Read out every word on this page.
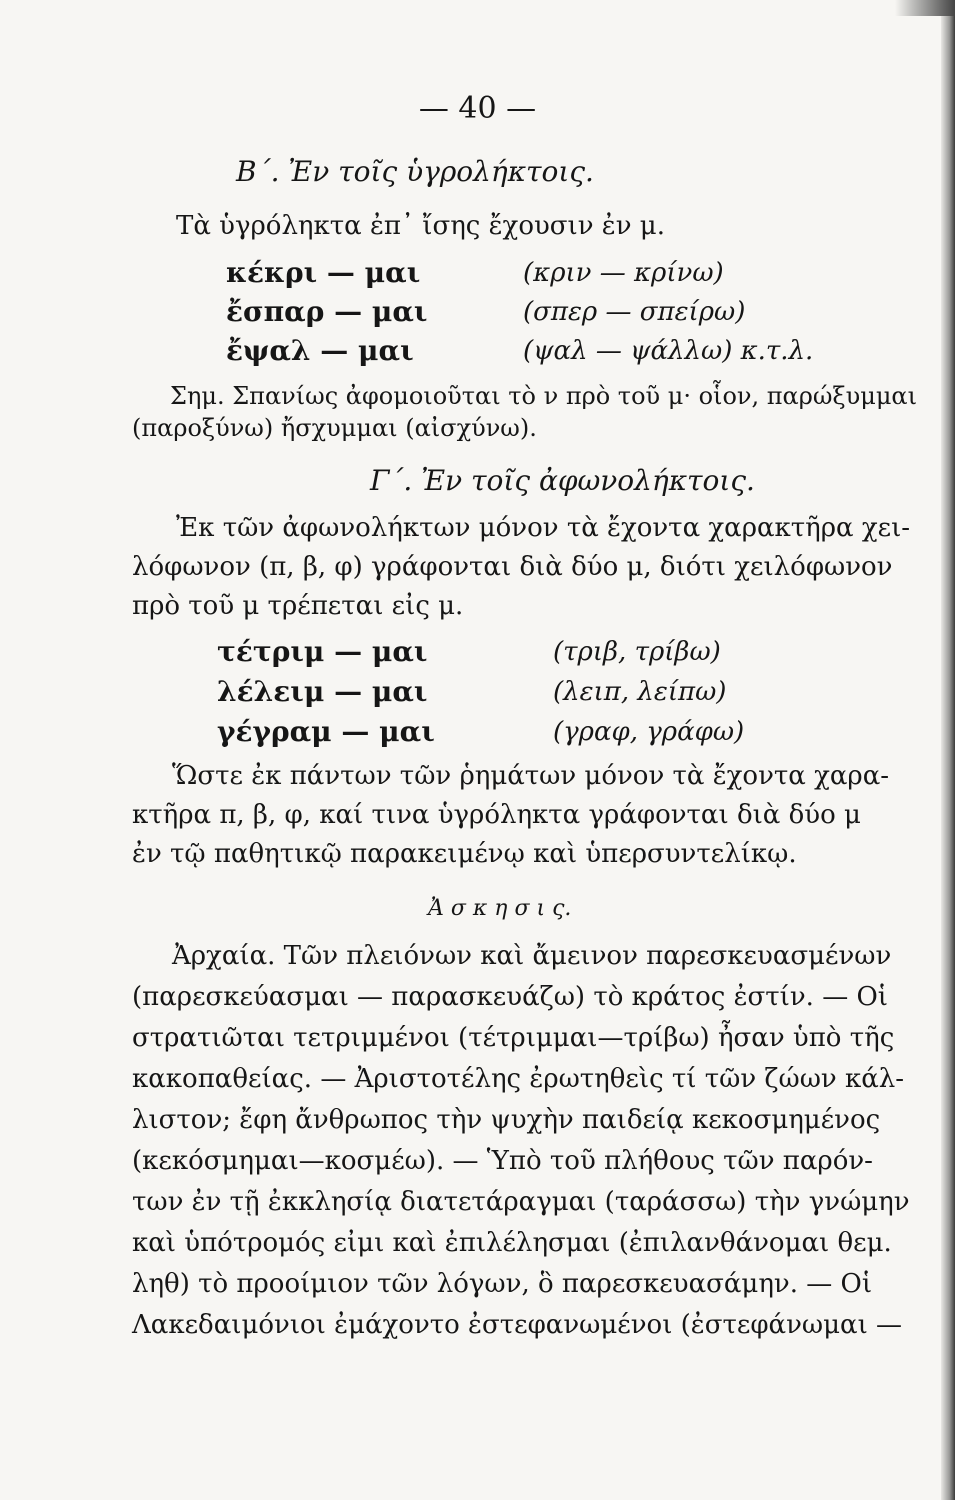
— 40 —
Β΄. Ἐν τοῖς ὑγρολήκτοις.
Τὰ ὑγρόληκτα ἐπ᾿ ἴσης ἔχουσιν ἐν μ.
κέκρι — μαι	(κριν — κρίνω)
ἔσπαρ — μαι	(σπερ — σπείρω)
ἔψαλ — μαι	(ψαλ — ψάλλω) κ.τ.λ.
Σημ. Σπανίως ἀφομοιοῦται τὸ ν πρὸ τοῦ μ· οἷον, παρώξυμμαι
(παροξύνω) ἤσχυμμαι (αἰσχύνω).
Γ΄. Ἐν τοῖς ἀφωνολήκτοις.
Ἐκ τῶν ἀφωνολήκτων μόνον τὰ ἔχοντα χαρακτῆρα χει-
λόφωνον (π, β, φ) γράφονται διὰ δύο μ, διότι χειλόφωνον
πρὸ τοῦ μ τρέπεται εἰς μ.
τέτριμ — μαι	(τριβ, τρίβω)
λέλειμ — μαι	(λειπ, λείπω)
γέγραμ — μαι	(γραφ, γράφω)
Ὥστε ἐκ πάντων τῶν ῥημάτων μόνον τὰ ἔχοντα χαρα-
κτῆρα π, β, φ, καί τινα ὑγρόληκτα γράφονται διὰ δύο μ
ἐν τῷ παθητικῷ παρακειμένῳ καὶ ὑπερσυντελίκῳ.
Ἀ σ κ η σ ι ς.
Ἀρχαία. Τῶν πλειόνων καὶ ἄμεινον παρεσκευασμένων
(παρεσκεύασμαι — παρασκευάζω) τὸ κράτος ἐστίν. — Οἱ
στρατιῶται τετριμμένοι (τέτριμμαι—τρίβω) ἦσαν ὑπὸ τῆς
κακοπαθείας. — Ἀριστοτέλης ἐρωτηθεὶς τί τῶν ζώων κάλ-
λιστον; ἔφη ἄνθρωπος τὴν ψυχὴν παιδείᾳ κεκοσμημένος
(κεκόσμημαι—κοσμέω). — Ὑπὸ τοῦ πλήθους τῶν παρόν-
των ἐν τῇ ἐκκλησίᾳ διατετάραγμαι (ταράσσω) τὴν γνώμην
καὶ ὑπότρομός εἰμι καὶ ἐπιλέλησμαι (ἐπιλανθάνομαι θεμ.
ληθ) τὸ προοίμιον τῶν λόγων, ὃ παρεσκευασάμην. — Οἱ
Λακεδαιμόνιοι ἐμάχοντο ἐστεφανωμένοι (ἐστεφάνωμαι —
